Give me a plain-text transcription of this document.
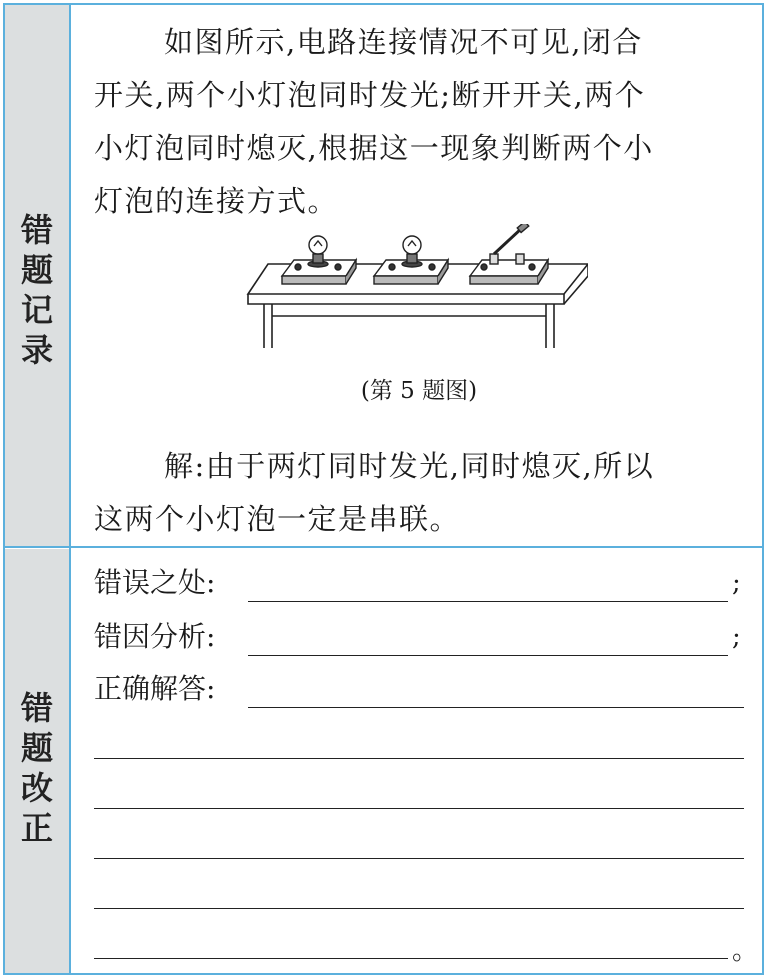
错
题
记
录
错
题
改
正
如图所示,电路连接情况不可见,闭合
开关,两个小灯泡同时发光;断开开关,两个
小灯泡同时熄灭,根据这一现象判断两个小
灯泡的连接方式。
(第 5 题图)
解:由于两灯同时发光,同时熄灭,所以
这两个小灯泡一定是串联。
错误之处:	;
错因分析:	;
正确解答:
。
